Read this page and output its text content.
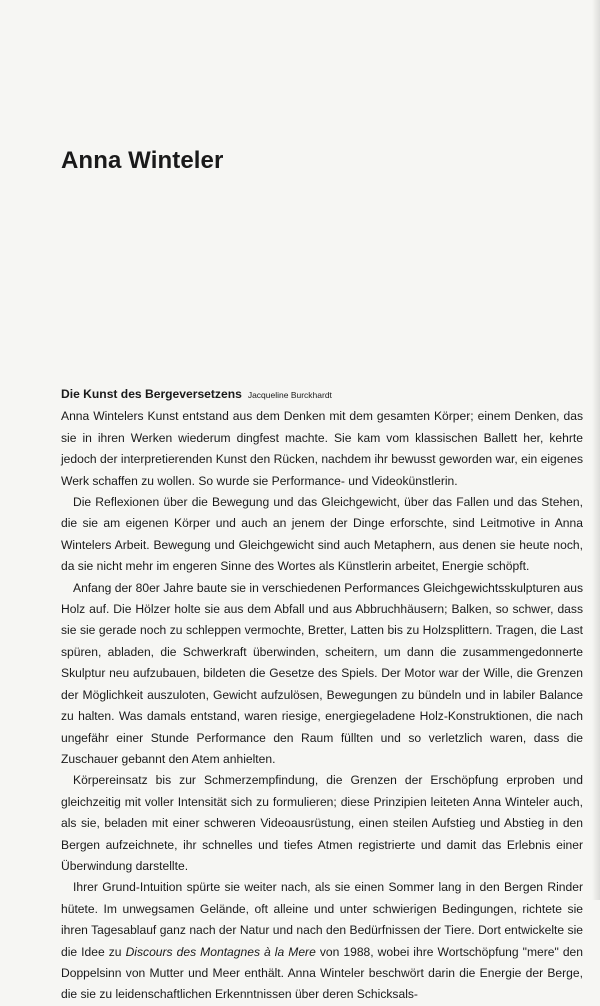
Anna Winteler

Die Kunst des Bergeversetzens Jacqueline Burckhardt

Anna Wintelers Kunst entstand aus dem Denken mit dem gesamten Körper; einem Denken, das sie in ihren Werken wiederum dingfest machte. Sie kam vom klassischen Ballett her, kehrte jedoch der interpretierenden Kunst den Rücken, nachdem ihr bewusst geworden war, ein eigenes Werk schaffen zu wollen. So wurde sie Performance- und Videokünstlerin.

Die Reflexionen über die Bewegung und das Gleichgewicht, über das Fallen und das Stehen, die sie am eigenen Körper und auch an jenem der Dinge erforschte, sind Leitmotive in Anna Wintelers Arbeit. Bewegung und Gleichgewicht sind auch Metaphern, aus denen sie heute noch, da sie nicht mehr im engeren Sinne des Wortes als Künstlerin arbeitet, Energie schöpft.

Anfang der 80er Jahre baute sie in verschiedenen Performances Gleichgewichtsskulpturen aus Holz auf. Die Hölzer holte sie aus dem Abfall und aus Abbruchhäusern; Balken, so schwer, dass sie sie gerade noch zu schleppen vermochte, Bretter, Latten bis zu Holzsplittern. Tragen, die Last spüren, abladen, die Schwerkraft überwinden, scheitern, um dann die zusammengedonnerte Skulptur neu aufzubauen, bildeten die Gesetze des Spiels. Der Motor war der Wille, die Grenzen der Möglichkeit auszuloten, Gewicht aufzulösen, Bewegungen zu bündeln und in labiler Balance zu halten. Was damals entstand, waren riesige, energiegeladene Holz-Konstruktionen, die nach ungefähr einer Stunde Performance den Raum füllten und so verletzlich waren, dass die Zuschauer gebannt den Atem anhielten.

Körpereinsatz bis zur Schmerzempfindung, die Grenzen der Erschöpfung erproben und gleichzeitig mit voller Intensität sich zu formulieren; diese Prinzipien leiteten Anna Winteler auch, als sie, beladen mit einer schweren Videoausrüstung, einen steilen Aufstieg und Abstieg in den Bergen aufzeichnete, ihr schnelles und tiefes Atmen registrierte und damit das Erlebnis einer Überwindung darstellte.

Ihrer Grund-Intuition spürte sie weiter nach, als sie einen Sommer lang in den Bergen Rinder hütete. Im unwegsamen Gelände, oft alleine und unter schwierigen Bedingungen, richtete sie ihren Tagesablauf ganz nach der Natur und nach den Bedürfnissen der Tiere. Dort entwickelte sie die Idee zu Discours des Montagnes à la Mere von 1988, wobei ihre Wortschöpfung "mere" den Doppelsinn von Mutter und Meer enthält. Anna Winteler beschwört darin die Energie der Berge, die sie zu leidenschaftlichen Erkenntnissen über deren Schicksals-
